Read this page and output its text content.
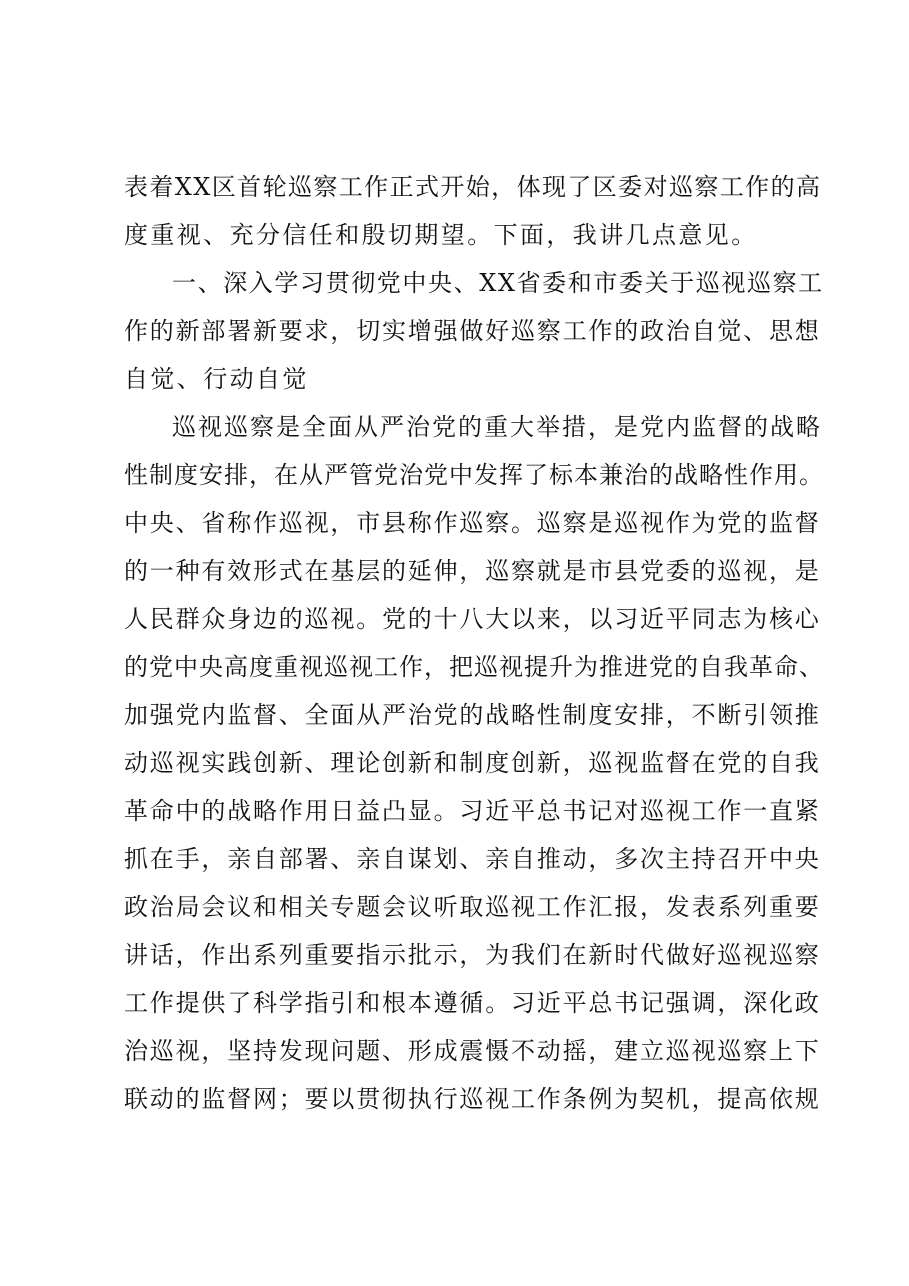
表着XX区首轮巡察工作正式开始，体现了区委对巡察工作的高
度重视、充分信任和殷切期望。下面，我讲几点意见。
一、深入学习贯彻党中央、XX省委和市委关于巡视巡察工
作的新部署新要求，切实增强做好巡察工作的政治自觉、思想
自觉、行动自觉
巡视巡察是全面从严治党的重大举措，是党内监督的战略
性制度安排，在从严管党治党中发挥了标本兼治的战略性作用。
中央、省称作巡视，市县称作巡察。巡察是巡视作为党的监督
的一种有效形式在基层的延伸，巡察就是市县党委的巡视，是
人民群众身边的巡视。党的十八大以来，以习近平同志为核心
的党中央高度重视巡视工作，把巡视提升为推进党的自我革命、
加强党内监督、全面从严治党的战略性制度安排，不断引领推
动巡视实践创新、理论创新和制度创新，巡视监督在党的自我
革命中的战略作用日益凸显。习近平总书记对巡视工作一直紧
抓在手，亲自部署、亲自谋划、亲自推动，多次主持召开中央
政治局会议和相关专题会议听取巡视工作汇报，发表系列重要
讲话，作出系列重要指示批示，为我们在新时代做好巡视巡察
工作提供了科学指引和根本遵循。习近平总书记强调，深化政
治巡视，坚持发现问题、形成震慑不动摇，建立巡视巡察上下
联动的监督网；要以贯彻执行巡视工作条例为契机，提高依规
